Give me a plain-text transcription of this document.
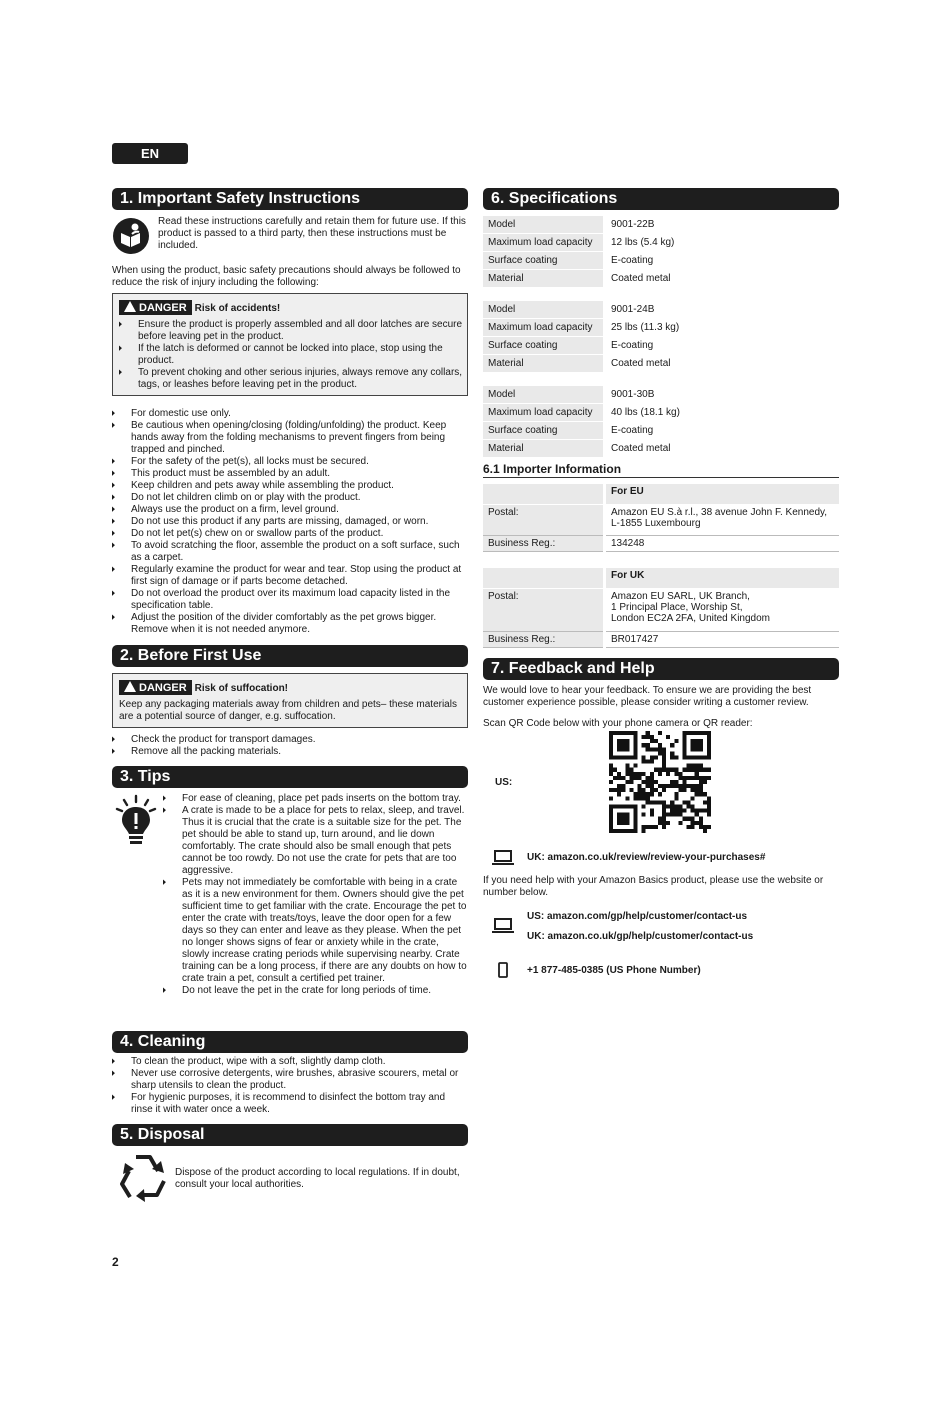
EN
1. Important Safety Instructions

Read these instructions carefully and retain them for future use. If this product is passed to a third party, then these instructions must be included.

When using the product, basic safety precautions should always be followed to reduce the risk of injury including the following:

DANGER Risk of accidents!
▶ Ensure the product is properly assembled and all door latches are secure before leaving pet in the product.
▶ If the latch is deformed or cannot be locked into place, stop using the product.
▶ To prevent choking and other serious injuries, always remove any collars, tags, or leashes before leaving pet in the product.
▶ For domestic use only.
▶ Be cautious when opening/closing (folding/unfolding) the product. Keep hands away from the folding mechanisms to prevent fingers from being trapped and pinched.
▶ For the safety of the pet(s), all locks must be secured.
▶ This product must be assembled by an adult.
▶ Keep children and pets away while assembling the product.
▶ Do not let children climb on or play with the product.
▶ Always use the product on a firm, level ground.
▶ Do not use this product if any parts are missing, damaged, or worn.
▶ Do not let pet(s) chew on or swallow parts of the product.
▶ To avoid scratching the floor, assemble the product on a soft surface, such as a carpet.
▶ Regularly examine the product for wear and tear. Stop using the product at first sign of damage or if parts become detached.
▶ Do not overload the product over its maximum load capacity listed in the specification table.
▶ Adjust the position of the divider comfortably as the pet grows bigger. Remove when it is not needed anymore.
2. Before First Use
DANGER Risk of suffocation!

Keep any packaging materials away from children and pets– these materials are a potential source of danger, e.g. suffocation.

▶ Check the product for transport damages.
▶ Remove all the packing materials.
3. Tips
▶ For ease of cleaning, place pet pads inserts on the bottom tray.
▶ A crate is made to be a place for pets to relax, sleep, and travel. Thus it is crucial that the crate is a suitable size for the pet. The pet should be able to stand up, turn around, and lie down comfortably. The crate should also be small enough that pets cannot be too rowdy. Do not use the crate for pets that are too aggressive.
▶ Pets may not immediately be comfortable with being in a crate as it is a new environment for them. Owners should give the pet sufficient time to get familiar with the crate. Encourage the pet to enter the crate with treats/toys, leave the door open for a few days so they can enter and leave as they please. When the pet no longer shows signs of fear or anxiety while in the crate, slowly increase crating periods while supervising nearby. Crate training can be a long process, if there are any doubts on how to crate train a pet, consult a certified pet trainer.
▶ Do not leave the pet in the crate for long periods of time.
4. Cleaning
▶ To clean the product, wipe with a soft, slightly damp cloth.
▶ Never use corrosive detergents, wire brushes, abrasive scourers, metal or sharp utensils to clean the product.
▶ For hygienic purposes, it is recommend to disinfect the bottom tray and rinse it with water once a week.
5. Disposal

Dispose of the product according to local regulations. If in doubt, consult your local authorities.

2
6. Specifications
Model	9001-22B
Maximum load capacity	12 lbs (5.4 kg)
Surface coating	E-coating
Material	Coated metal
Model	9001-24B
Maximum load capacity	25 lbs (11.3 kg)
Surface coating	E-coating
Material	Coated metal
Model	9001-30B
Maximum load capacity	40 lbs (18.1 kg)
Surface coating	E-coating
Material	Coated metal
6.1 Importer Information
	For EU
Postal:	Amazon EU S.à r.l., 38 avenue John F. Kennedy,
L-1855 Luxembourg

Business Reg.:	134248
	For UK
Postal:	Amazon EU SARL, UK Branch,
1 Principal Place, Worship St,
London EC2A 2FA, United Kingdom

Business Reg.:	BR017427
7. Feedback and Help

We would love to hear your feedback. To ensure we are providing the best customer experience possible, please consider writing a customer review.

Scan QR Code below with your phone camera or QR reader:

US:
UK: amazon.co.uk/review/review-your-purchases#

If you need help with your Amazon Basics product, please use the website or number below.

US: amazon.com/gp/help/customer/contact-us
UK: amazon.co.uk/gp/help/customer/contact-us
+1 877-485-0385 (US Phone Number)
